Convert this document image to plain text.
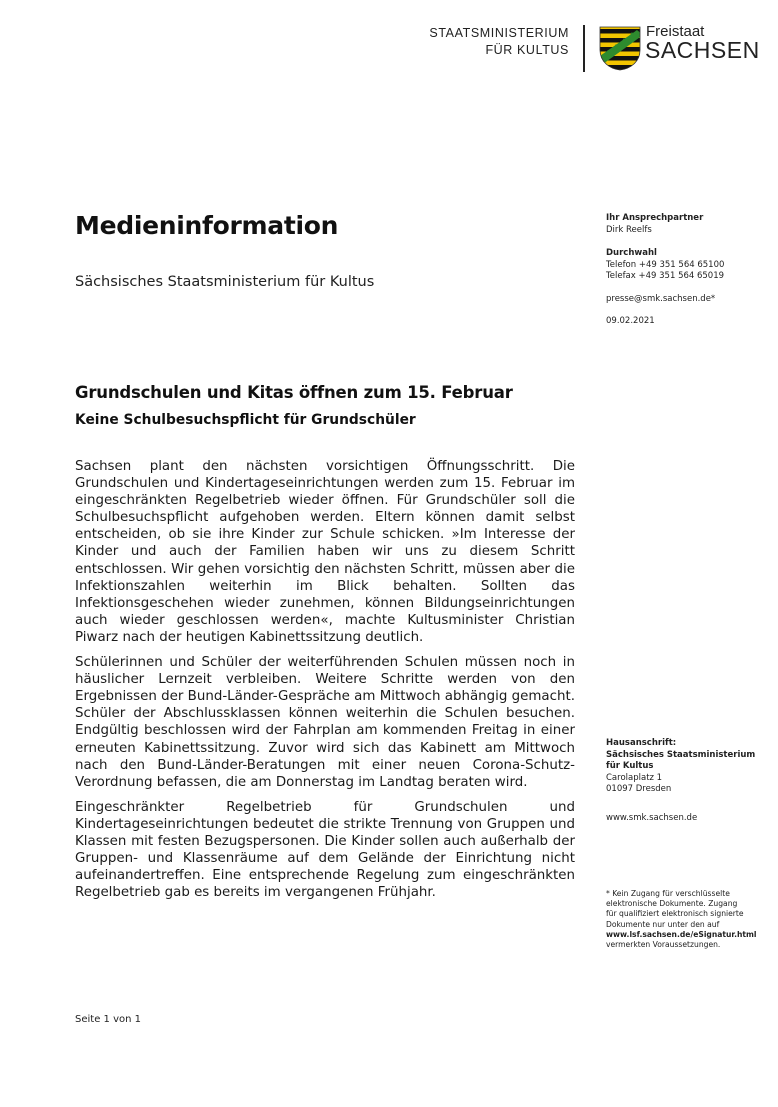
STAATSMINISTERIUM
FÜR KULTUS
Freistaat
SACHSEN
Medieninformation
Sächsisches Staatsministerium für Kultus
Ihr Ansprechpartner
Dirk Reelfs
Durchwahl
Telefon +49 351 564 65100
Telefax +49 351 564 65019
presse@smk.sachsen.de*
09.02.2021
Grundschulen und Kitas öffnen zum 15. Februar
Keine Schulbesuchspflicht für Grundschüler

Sachsen plant den nächsten vorsichtigen Öffnungsschritt. Die Grundschulen und Kindertageseinrichtungen werden zum 15. Februar im eingeschränkten Regelbetrieb wieder öffnen. Für Grundschüler soll die Schulbesuchspflicht aufgehoben werden. Eltern können damit selbst entscheiden, ob sie ihre Kinder zur Schule schicken. »Im Interesse der Kinder und auch der Familien haben wir uns zu diesem Schritt entschlossen. Wir gehen vorsichtig den nächsten Schritt, müssen aber die Infektionszahlen weiterhin im Blick behalten. Sollten das Infektionsgeschehen wieder zunehmen, können Bildungseinrichtungen auch wieder geschlossen werden«, machte Kultusminister Christian Piwarz nach der heutigen Kabinettssitzung deutlich.

Schülerinnen und Schüler der weiterführenden Schulen müssen noch in häuslicher Lernzeit verbleiben. Weitere Schritte werden von den Ergebnissen der Bund-Länder-Gespräche am Mittwoch abhängig gemacht. Schüler der Abschlussklassen können weiterhin die Schulen besuchen. Endgültig beschlossen wird der Fahrplan am kommenden Freitag in einer erneuten Kabinettssitzung. Zuvor wird sich das Kabinett am Mittwoch nach den Bund-Länder-Beratungen mit einer neuen Corona-Schutz-Verordnung befassen, die am Donnerstag im Landtag beraten wird.

Eingeschränkter Regelbetrieb für Grundschulen und Kindertageseinrichtungen bedeutet die strikte Trennung von Gruppen und Klassen mit festen Bezugspersonen. Die Kinder sollen auch außerhalb der Gruppen- und Klassenräume auf dem Gelände der Einrichtung nicht aufeinandertreffen. Eine entsprechende Regelung zum eingeschränkten Regelbetrieb gab es bereits im vergangenen Frühjahr.

Hausanschrift:
Sächsisches Staatsministerium
für Kultus
Carolaplatz 1
01097 Dresden
www.smk.sachsen.de
* Kein Zugang für verschlüsselte
elektronische Dokumente. Zugang
für qualifiziert elektronisch signierte
Dokumente nur unter den auf
www.lsf.sachsen.de/eSignatur.html
vermerkten Voraussetzungen.
Seite 1 von 1
